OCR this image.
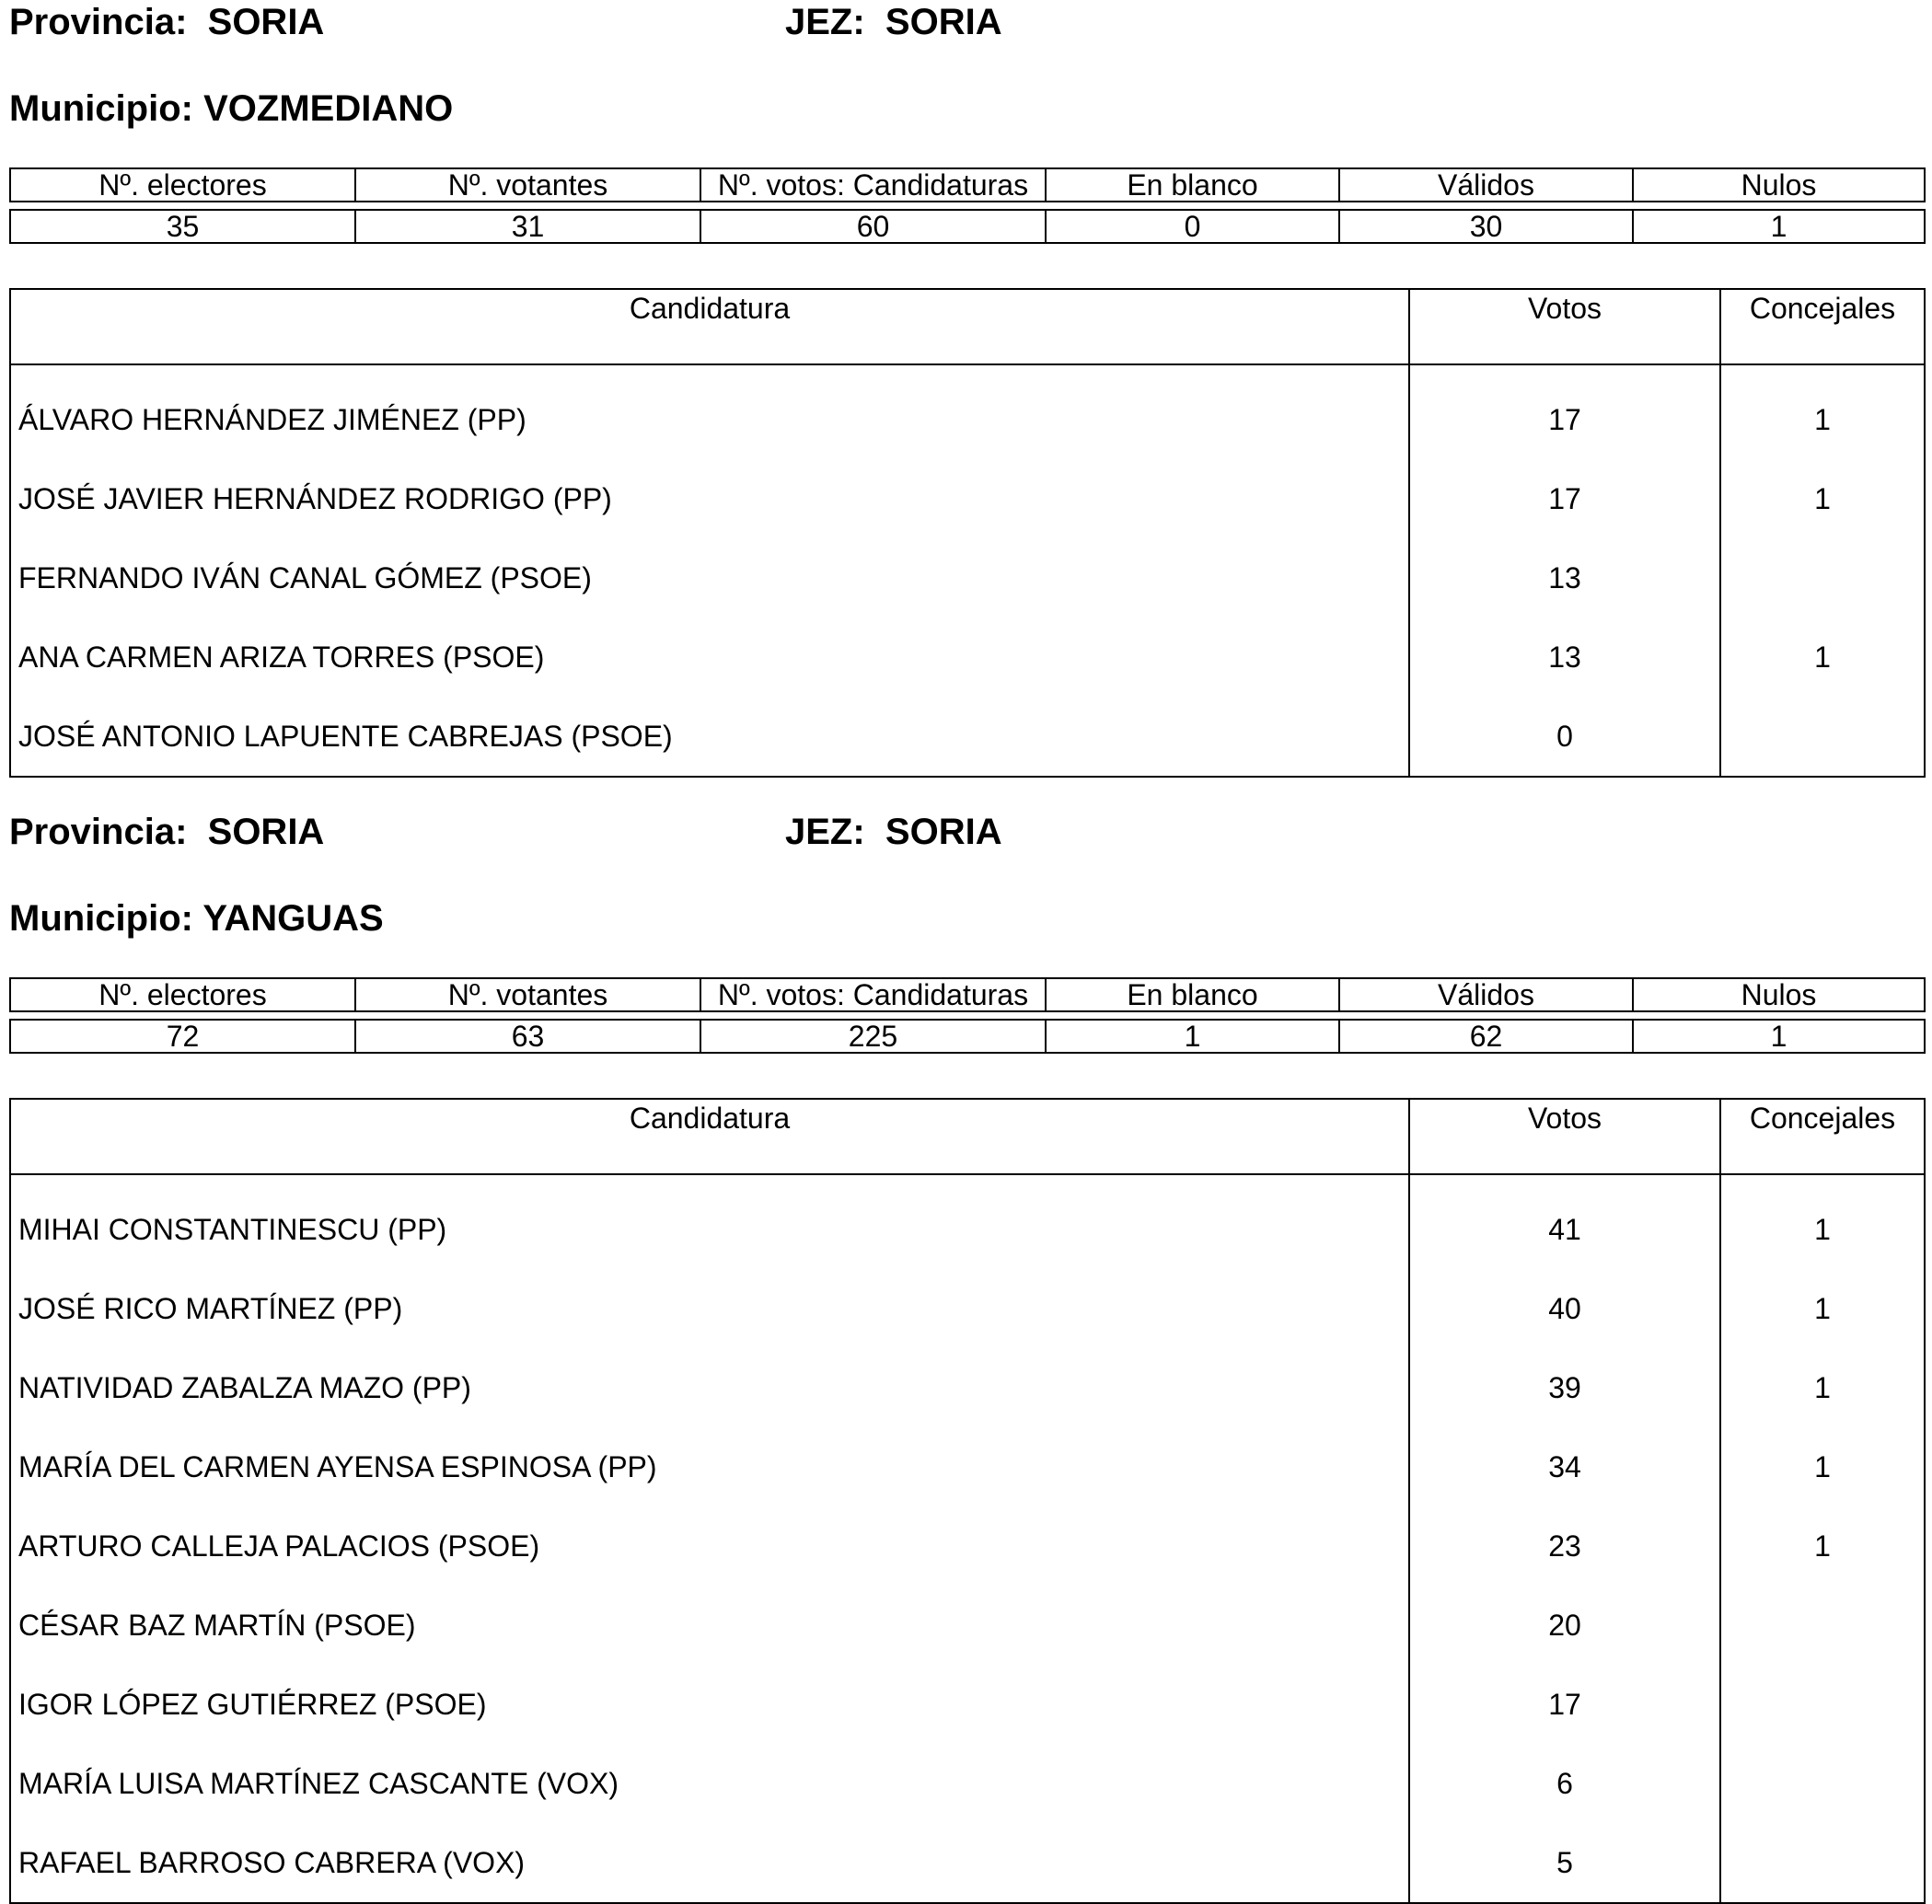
Provincia: SORIA	JEZ: SORIA
Municipio: VOZMEDIANO
Nº. electores	Nº. votantes	Nº. votos: Candidaturas	En blanco	Válidos	Nulos

35	31	60	0	30	1
Candidatura	Votos	Concejales
ÁLVARO HERNÁNDEZ JIMÉNEZ (PP)	17	1
JOSÉ JAVIER HERNÁNDEZ RODRIGO (PP)	17	1
FERNANDO IVÁN CANAL GÓMEZ (PSOE)	13
ANA CARMEN ARIZA TORRES (PSOE)	13	1
JOSÉ ANTONIO LAPUENTE CABREJAS (PSOE)	0
Provincia: SORIA	JEZ: SORIA
Municipio: YANGUAS
Nº. electores	Nº. votantes	Nº. votos: Candidaturas	En blanco	Válidos	Nulos

72	63	225	1	62	1
Candidatura	Votos	Concejales
MIHAI CONSTANTINESCU (PP)	41	1
JOSÉ RICO MARTÍNEZ (PP)	40	1
NATIVIDAD ZABALZA MAZO (PP)	39	1
MARÍA DEL CARMEN AYENSA ESPINOSA (PP)	34	1
ARTURO CALLEJA PALACIOS (PSOE)	23	1
CÉSAR BAZ MARTÍN (PSOE)	20
IGOR LÓPEZ GUTIÉRREZ (PSOE)	17
MARÍA LUISA MARTÍNEZ CASCANTE (VOX)	6
RAFAEL BARROSO CABRERA (VOX)	5
